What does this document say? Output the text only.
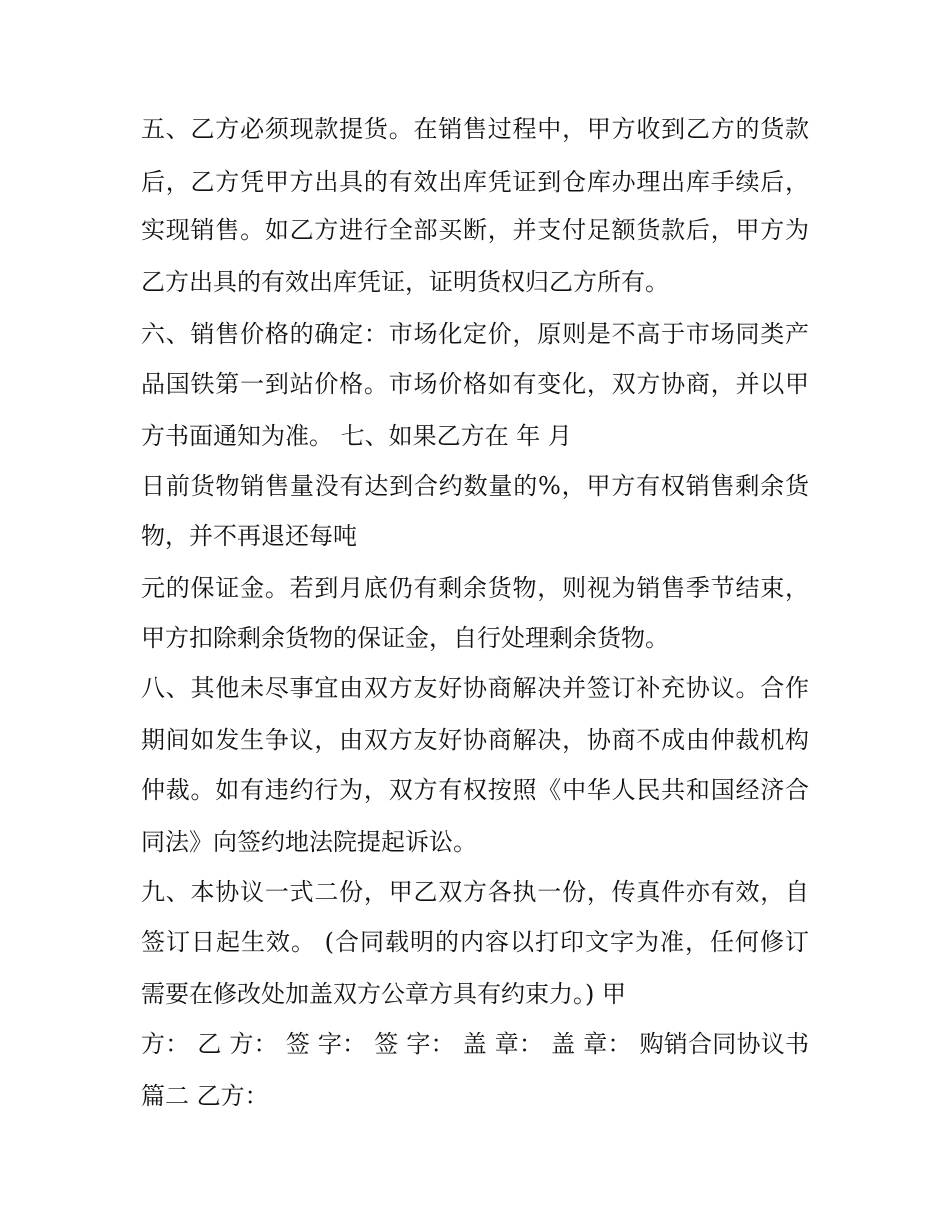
五、乙方必须现款提货。在销售过程中，甲方收到乙方的货款

后，乙方凭甲方出具的有效出库凭证到仓库办理出库手续后，

实现销售。如乙方进行全部买断，并支付足额货款后，甲方为

乙方出具的有效出库凭证，证明货权归乙方所有。

六、销售价格的确定：市场化定价，原则是不高于市场同类产

品国铁第一到站价格。市场价格如有变化，双方协商，并以甲

方书面通知为准。 七、如果乙方在 年 月

日前货物销售量没有达到合约数量的%，甲方有权销售剩余货

物，并不再退还每吨

元的保证金。若到月底仍有剩余货物，则视为销售季节结束，

甲方扣除剩余货物的保证金，自行处理剩余货物。

八、其他未尽事宜由双方友好协商解决并签订补充协议。合作

期间如发生争议，由双方友好协商解决，协商不成由仲裁机构

仲裁。如有违约行为，双方有权按照《中华人民共和国经济合

同法》向签约地法院提起诉讼。

九、本协议一式二份，甲乙双方各执一份，传真件亦有效，自

签订日起生效。 (合同载明的内容以打印文字为准，任何修订

需要在修改处加盖双方公章方具有约束力。) 甲

方： 乙 方： 签 字： 签 字： 盖 章： 盖 章： 购销合同协议书

篇二 乙方：
